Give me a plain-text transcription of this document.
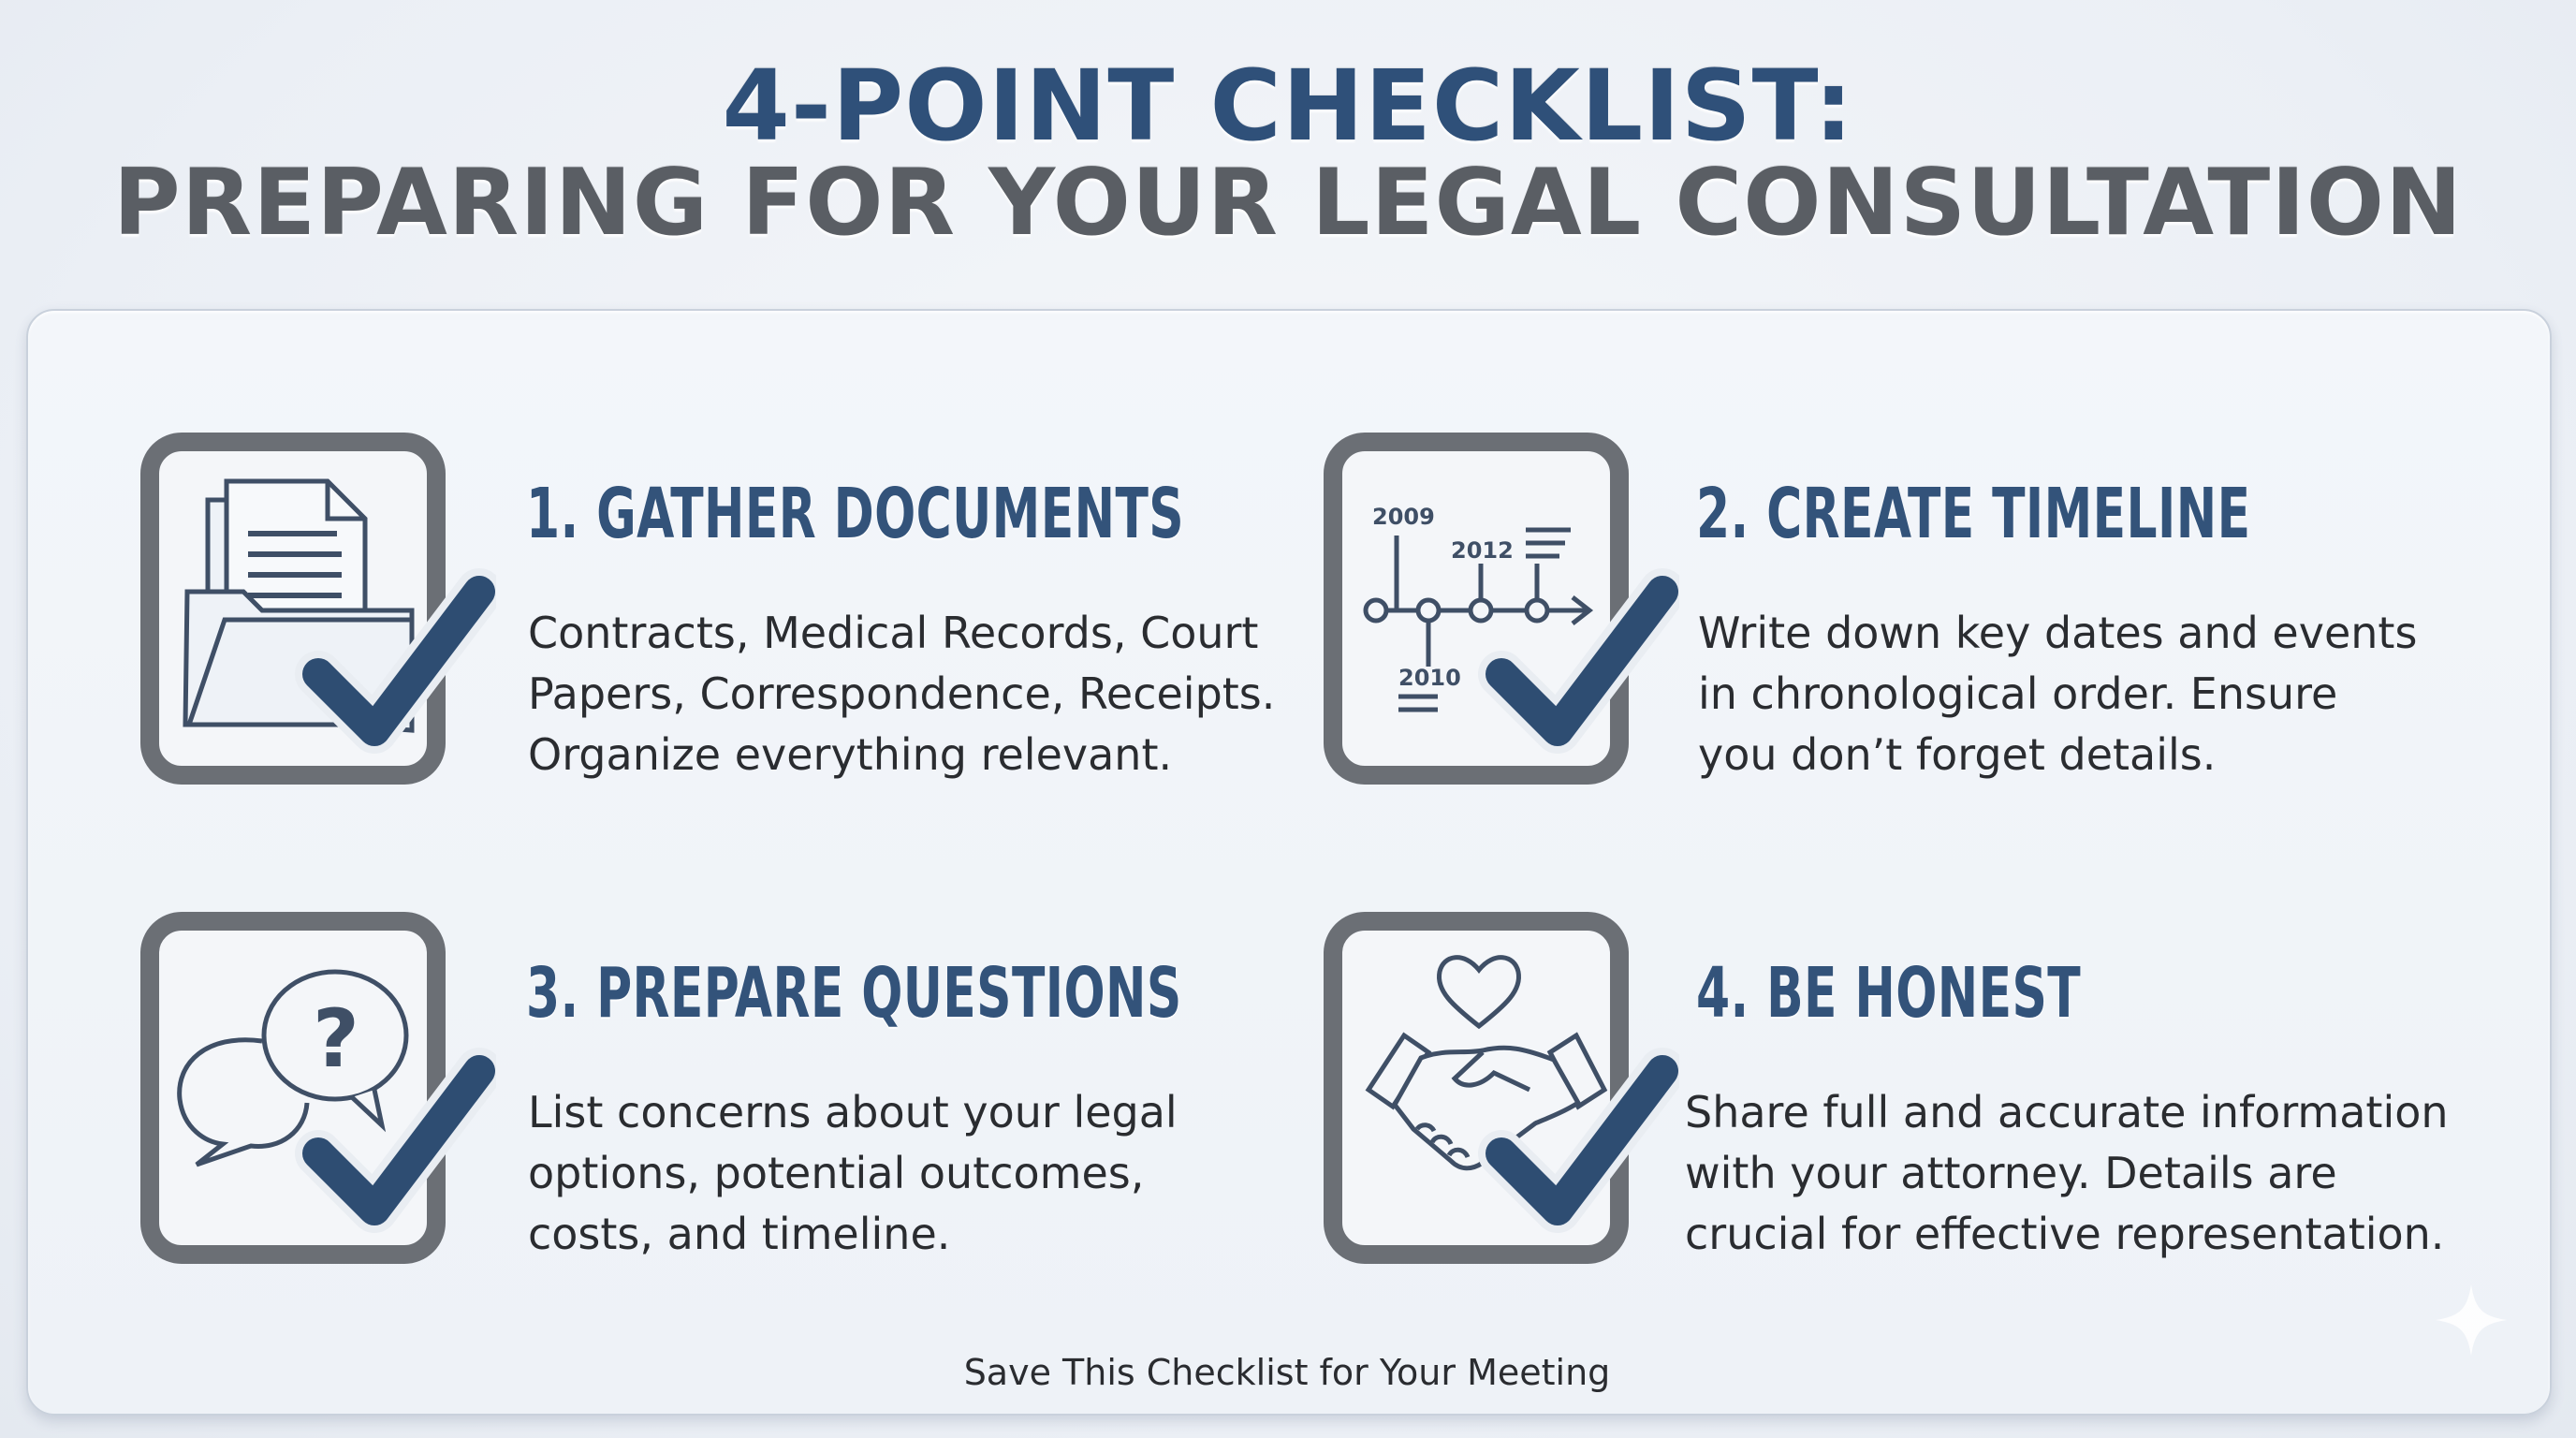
4-POINT CHECKLIST:
PREPARING FOR YOUR LEGAL CONSULTATION
1. GATHER DOCUMENTS
Contracts, Medical Records, Court
Papers, Correspondence, Receipts.
Organize everything relevant.
2009
2012
2010
2. CREATE TIMELINE
Write down key dates and events
in chronological order. Ensure
you don’t forget details.
? 3. PREPARE QUESTIONS
List concerns about your legal
options, potential outcomes,
costs, and timeline.
4. BE HONEST
Share full and accurate information
with your attorney. Details are
crucial for effective representation.
Save This Checklist for Your Meeting
